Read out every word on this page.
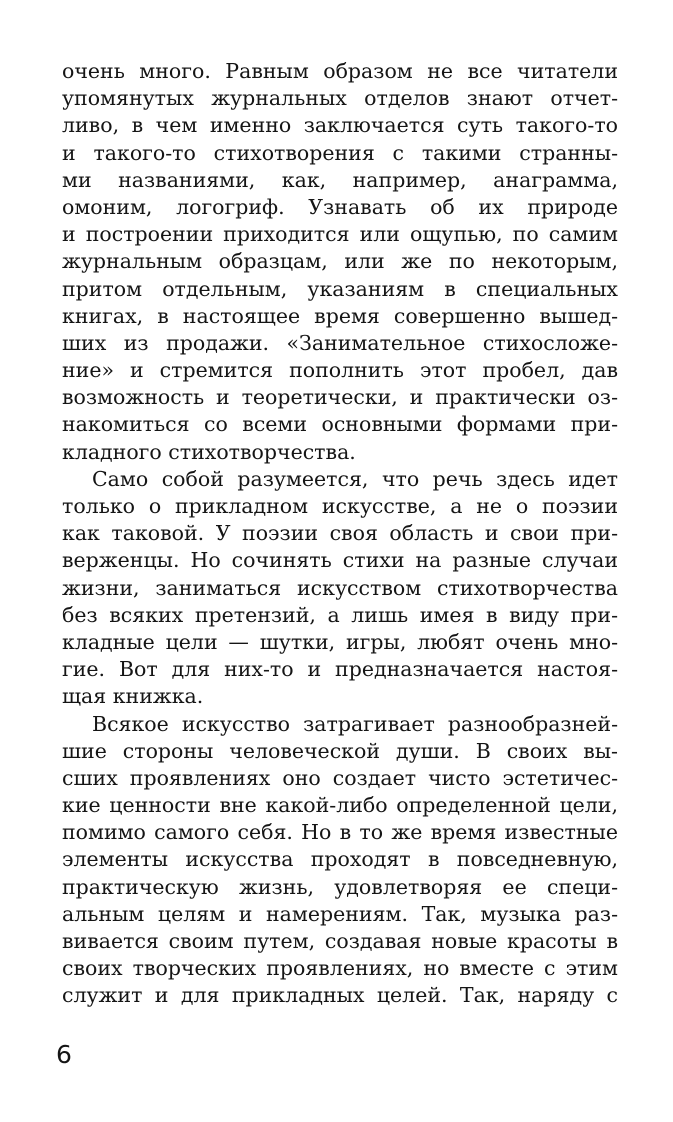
очень много. Равным образом не все читатели
упомянутых журнальных отделов знают отчет-
ливо, в чем именно заключается суть такого-то
и такого-то стихотворения с такими странны-
ми названиями, как, например, анаграмма,
омоним, логогриф. Узнавать об их природе
и построении приходится или ощупью, по самим
журнальным образцам, или же по некоторым,
притом отдельным, указаниям в специальных
книгах, в настоящее время совершенно вышед-
ших из продажи. «Занимательное стихосложе-
ние» и стремится пополнить этот пробел, дав
возможность и теоретически, и практически оз-
накомиться со всеми основными формами при-
кладного стихотворчества.
Само собой разумеется, что речь здесь идет
только о прикладном искусстве, а не о поэзии
как таковой. У поэзии своя область и свои при-
верженцы. Но сочинять стихи на разные случаи
жизни, заниматься искусством стихотворчества
без всяких претензий, а лишь имея в виду при-
кладные цели — шутки, игры, любят очень мно-
гие. Вот для них-то и предназначается настоя-
щая книжка.
Всякое искусство затрагивает разнообразней-
шие стороны человеческой души. В своих вы-
сших проявлениях оно создает чисто эстетичес-
кие ценности вне какой-либо определенной цели,
помимо самого себя. Но в то же время известные
элементы искусства проходят в повседневную,
практическую жизнь, удовлетворяя ее специ-
альным целям и намерениям. Так, музыка раз-
вивается своим путем, создавая новые красоты в
своих творческих проявлениях, но вместе с этим
служит и для прикладных целей. Так, наряду с
6
